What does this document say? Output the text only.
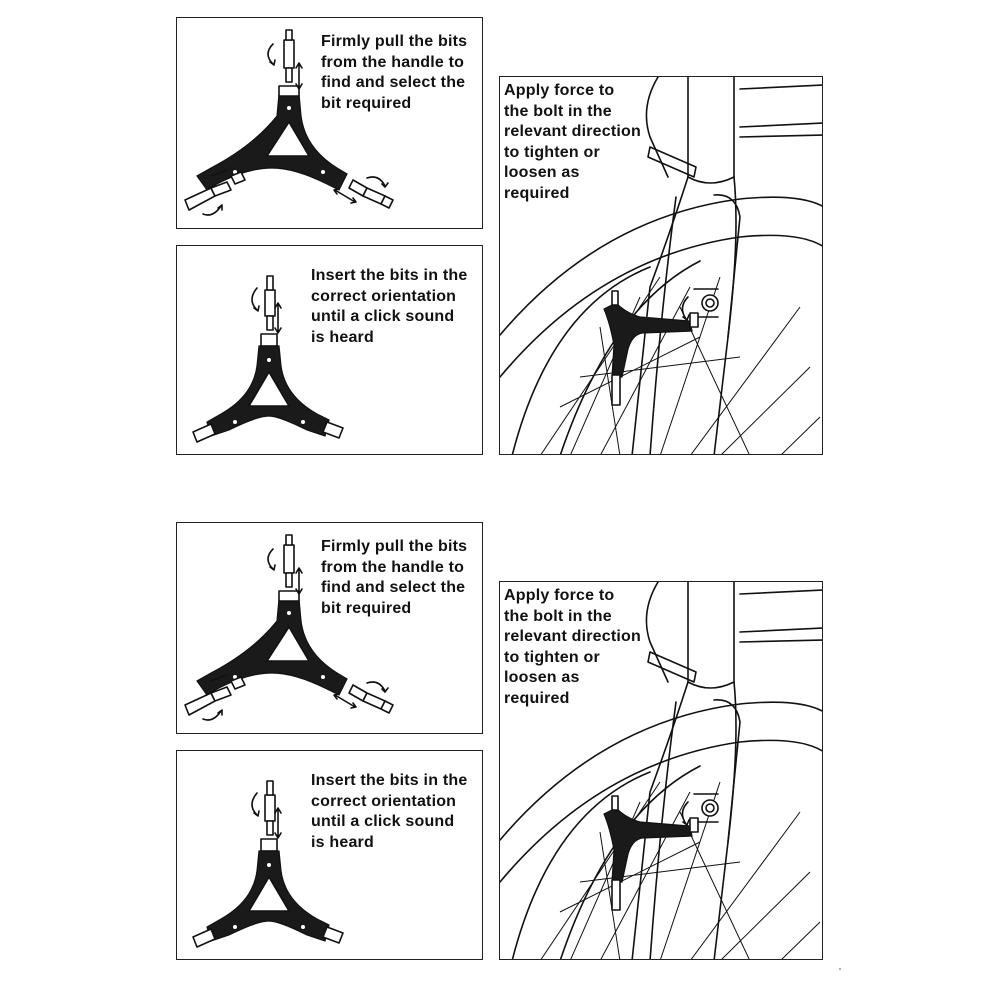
Firmly pull the bits
from the handle to
find and select the
bit required
Insert the bits in the
correct orientation
until a click sound
is heard
Apply force to
the bolt in the
relevant direction
to tighten or
loosen as
required
Firmly pull the bits
from the handle to
find and select the
bit required
Insert the bits in the
correct orientation
until a click sound
is heard
Apply force to
the bolt in the
relevant direction
to tighten or
loosen as
required
